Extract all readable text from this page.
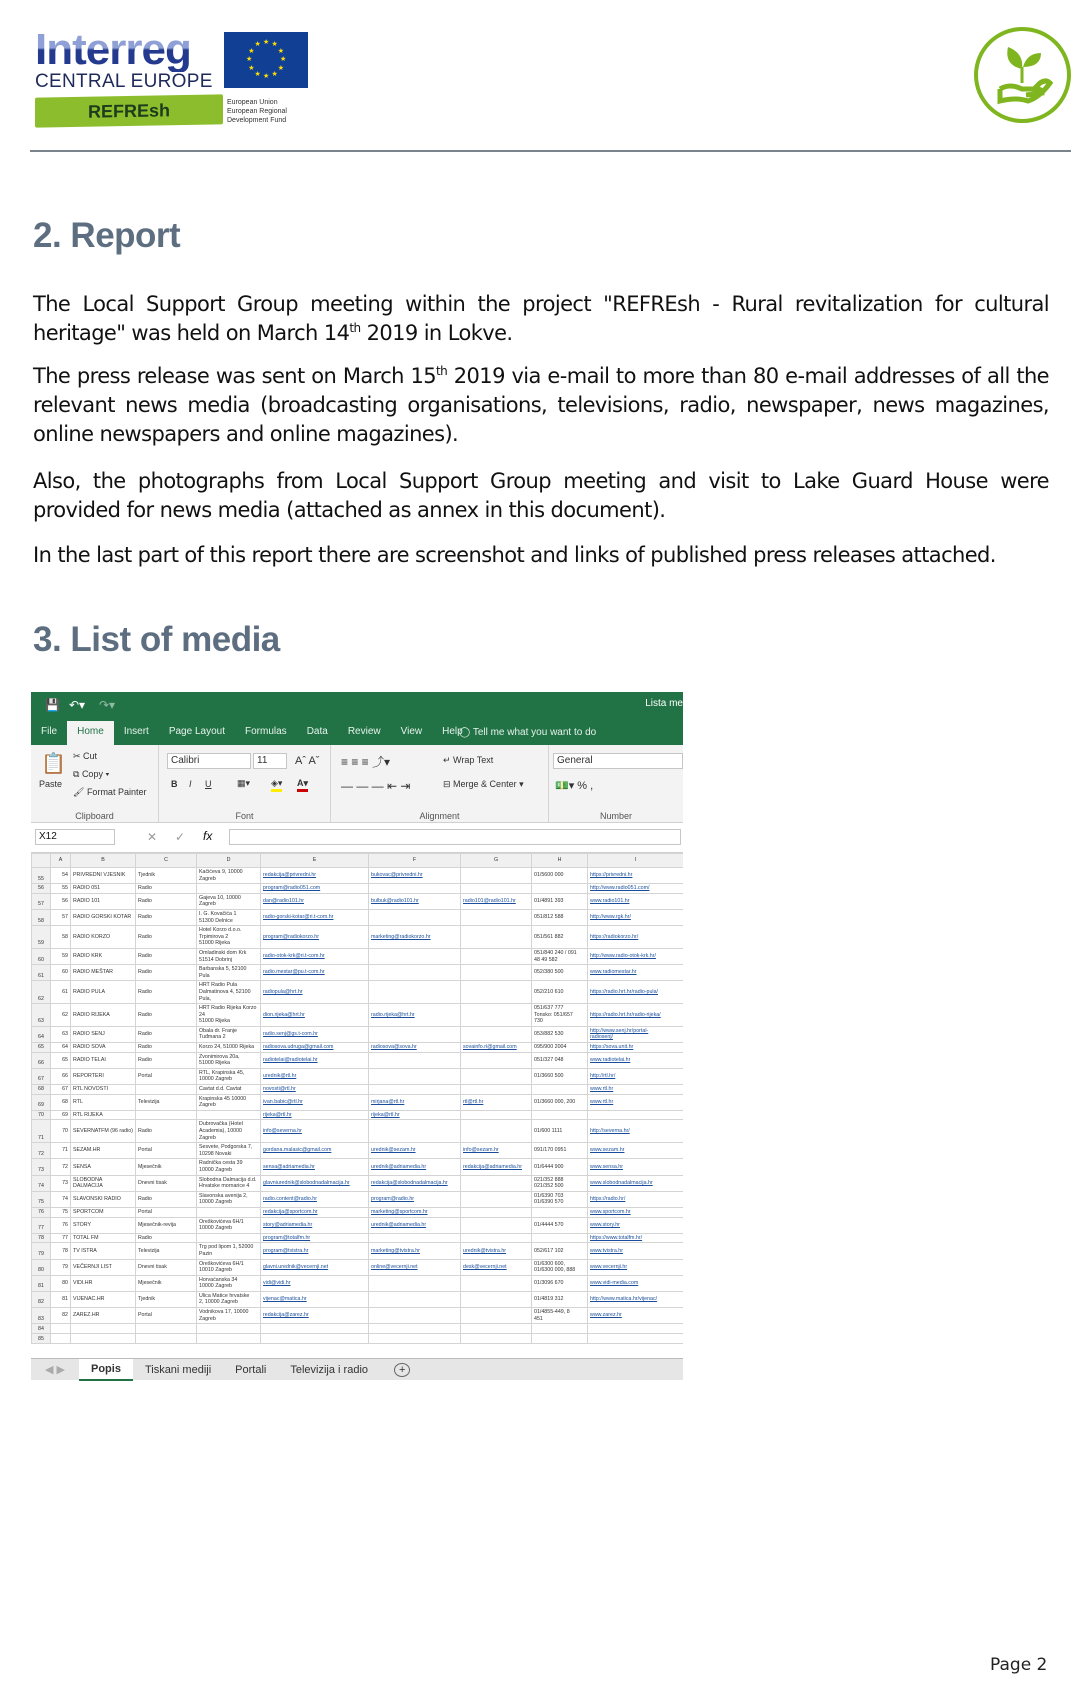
Interreg
CENTRAL EUROPE
★
★
★
★
★
★
★
★
★ ★ ★
★
REFREsh	European Union European Regional Development Fund
2. Report
The Local Support Group meeting within the project "REFREsh - Rural revitalization for cultural heritage" was held on March 14th 2019 in Lokve.
The press release was sent on March 15th 2019 via e-mail to more than 80 e-mail addresses of all the relevant news media (broadcasting organisations, televisions, radio, newspaper, news magazines, online newspapers and online magazines).
Also, the photographs from Local Support Group meeting and visit to Lake Guard House were provided for news media (attached as annex in this document).
In the last part of this report there are screenshot and links of published press releases attached.
3. List of media
💾 ↶▾ ↷▾	Lista me
File	Home	Insert	Page Layout	Formulas	Data	Review	View	Help
◯ Tell me what you want to do
📋
Paste
✂ Cut
⧉ Copy ▾
🖌 Format Painter
Clipboard
Calibri	11	Aˆ Aˇ
B I U	▦▾ ◈▾ A▾
Font
≡ ≡ ≡ ⤴▾	↵ Wrap Text
— — — ⇤ ⇥	⊟ Merge & Center ▾
Alignment
General
💵▾ % ,
Number
X12	✕ ✓ fx
	A	B	C	D	E	F	G	H	I
55	54	PRIVREDNI VJESNIK	Tjednik	Kačićeva 9, 10000
Zagreb	redakcija@privredni.hr	bukovac@privredni.hr		01/5600 000	https://privredni.hr
56	55	RADIO 051	Radio		program@radio051.com				http://www.radio051.com/
57	56	RADIO 101	Radio	Gajeva 10, 10000
Zagreb	dan@radio101.hr	bulbuk@radio101.hr	radio101@radio101.hr	01/4891 393	www.radio101.hr
58	57	RADIO GORSKI KOTAR	Radio	I. G. Kovačića 1
51300 Delnice	radio-gorski-kotar@ri.t-com.hr			051/812 588	http://www.rgk.hr/
59	58	RADIO KORZO	Radio	Hotel Korzo d.o.o.
Trpimirova 2
51000 Rijeka	program@radiokorzo.hr	marketing@radiokorzo.hr		051/561 882	https://radiokorzo.hr/
60	59	RADIO KRK	Radio	Omladinski dom Krk
51514 Dobrinj	radio-otok-krk@ri.t-com.hr			051/840 240 / 091
48 49 582	http://www.radio-otok-krk.hr/
61	60	RADIO MEŠTAR	Radio	Barbanska 5, 52100 Pula	radio.mestar@pu.t-com.hr			052/380 500	www.radiomestar.hr
62	61	RADIO PULA	Radio	HRT Radio Pula
Dalmatinova 4, 52100
Pula,	radiopula@hrt.hr			052/210 610	https://radio.hrt.hr/radio-pula/
63	62	RADIO RIJEKA	Radio	HRT Radio Rijeka Korzo
24
51000 Rijeka	dion.rijeka@hrt.hr	radio.rijeka@hrt.hr		051/637 777
Tonsko: 051/657
730	https://radio.hrt.hr/radio-rijeka/
64	63	RADIO SENJ	Radio	Obala dr. Franje
Tuđmana 2	radio.senj@gs.t-com.hr			053/882 530	http://www.senj.hr/portal-
radiosenj/
65	64	RADIO SOVA	Radio	Korzo 24, 51000 Rijeka	radiosova.udruga@gmail.com	radiosova@sova.hr	sovainfo.ri@gmail.com	095/900 2004	https://sova.unit.hr
66	65	RADIO TELAI	Radio	Zvonimirova 20a,
51000 Rijeka	radiotelai@radiotelai.hr			051/327 048	www.radiotelai.hr
67	66	REPORTERI	Portal	RTL, Krapinska 45,
10000 Zagreb	urednik@rtl.hr			01/3660 500	http://rtl.hr/
68	67	RTL NOVOSTI		Cavtat d.d. Cavtat	novosti@rtl.hr				www.rtl.hr
69	68	RTL	Televizija	Krapinska 45 10000
Zagreb	ivan.babic@rtl.hr	mirjana@rtl.hr	rtl@rtl.hr	01/3660 000, 200	www.rtl.hr
70	69	RTL RIJEKA			rijeka@rtl.hr	rijeka@rtl.hr			
71	70	SEVERNATFM (96 radio)	Radio	Dubrovačka (Hotel
Academia), 10000
Zagreb	info@severna.hr			01/600 1111	http://severna.hr/
72	71	SEZAM.HR	Portal	Sesvete, Podgorska 7,
10298 Novaki	gordana.malasic@gmail.com	urednik@sezam.hr	info@sezam.hr	091/170 0951	www.sezam.hr
73	72	SENSA	Mjesečnik	Radnička cesta 39
10000 Zagreb	sensa@adriamedia.hr	urednik@adriamedia.hr	redakcija@adriamedia.hr	01/6444 900	www.sensa.hr
74	73	SLOBODNA DALMACIJA	Dnevni tisak	Slobodna Dalmacija d.d.
Hrvatske mornarice 4	glavniurednik@slobodnadalmacija.hr	redakcija@slobodnadalmacija.hr		021/352 888
021/352 500	www.slobodnadalmacija.hr
75	74	SLAVONSKI RADIO	Radio	Slavonska avenija 2,
10000 Zagreb	radio.content@radio.hr	program@radio.hr		01/6390 703
01/6390 570	https://radio.hr/
76	75	SPORTCOM	Portal		redakcija@sportcom.hr	marketing@sportcom.hr			www.sportcom.hr
77	76	STORY	Mjesečnik-revija	Oreškovićeva 6H/1
10000 Zagreb	story@adriamedia.hr	urednik@adriamedia.hr		01/4444 570	www.story.hr
78	77	TOTAL FM	Radio		program@totalfm.hr				https://www.totalfm.hr/
79	78	TV ISTRA	Televizija	Trg pod lipom 1, 52000
Pazin	program@tvistra.hr	marketing@tvistra.hr	urednik@tvistra.hr	052/617 102	www.tvistra.hr
80	79	VEČERNJI LIST	Dnevni tisak	Oreškovićeva 6H/1
10010 Zagreb	glavni.urednik@vecernji.net	online@vecernji.net	desk@vecernji.net	01/6300 600,
01/6300 000, 888	www.vecernji.hr
81	80	VIDI.HR	Mjesečnik	Horvaćanska 34
10000 Zagreb	vidi@vidi.hr			01/3096 670	www.vidi-media.com
82	81	VIJENAC.HR	Tjednik	Ulica Matice hrvatske
2, 10000 Zagreb	vijenac@matica.hr			01/4819 312	http://www.matica.hr/vijenac/
83	82	ZAREZ.HR	Portal	Vodnikova 17, 10000
Zagreb	redakcija@zarez.hr			01/4855-449, 8
451	www.zarez.hr
84									
85									
◀ ▶	Popis	Tiskani mediji	Portali	Televizija i radio	+
Page 2
